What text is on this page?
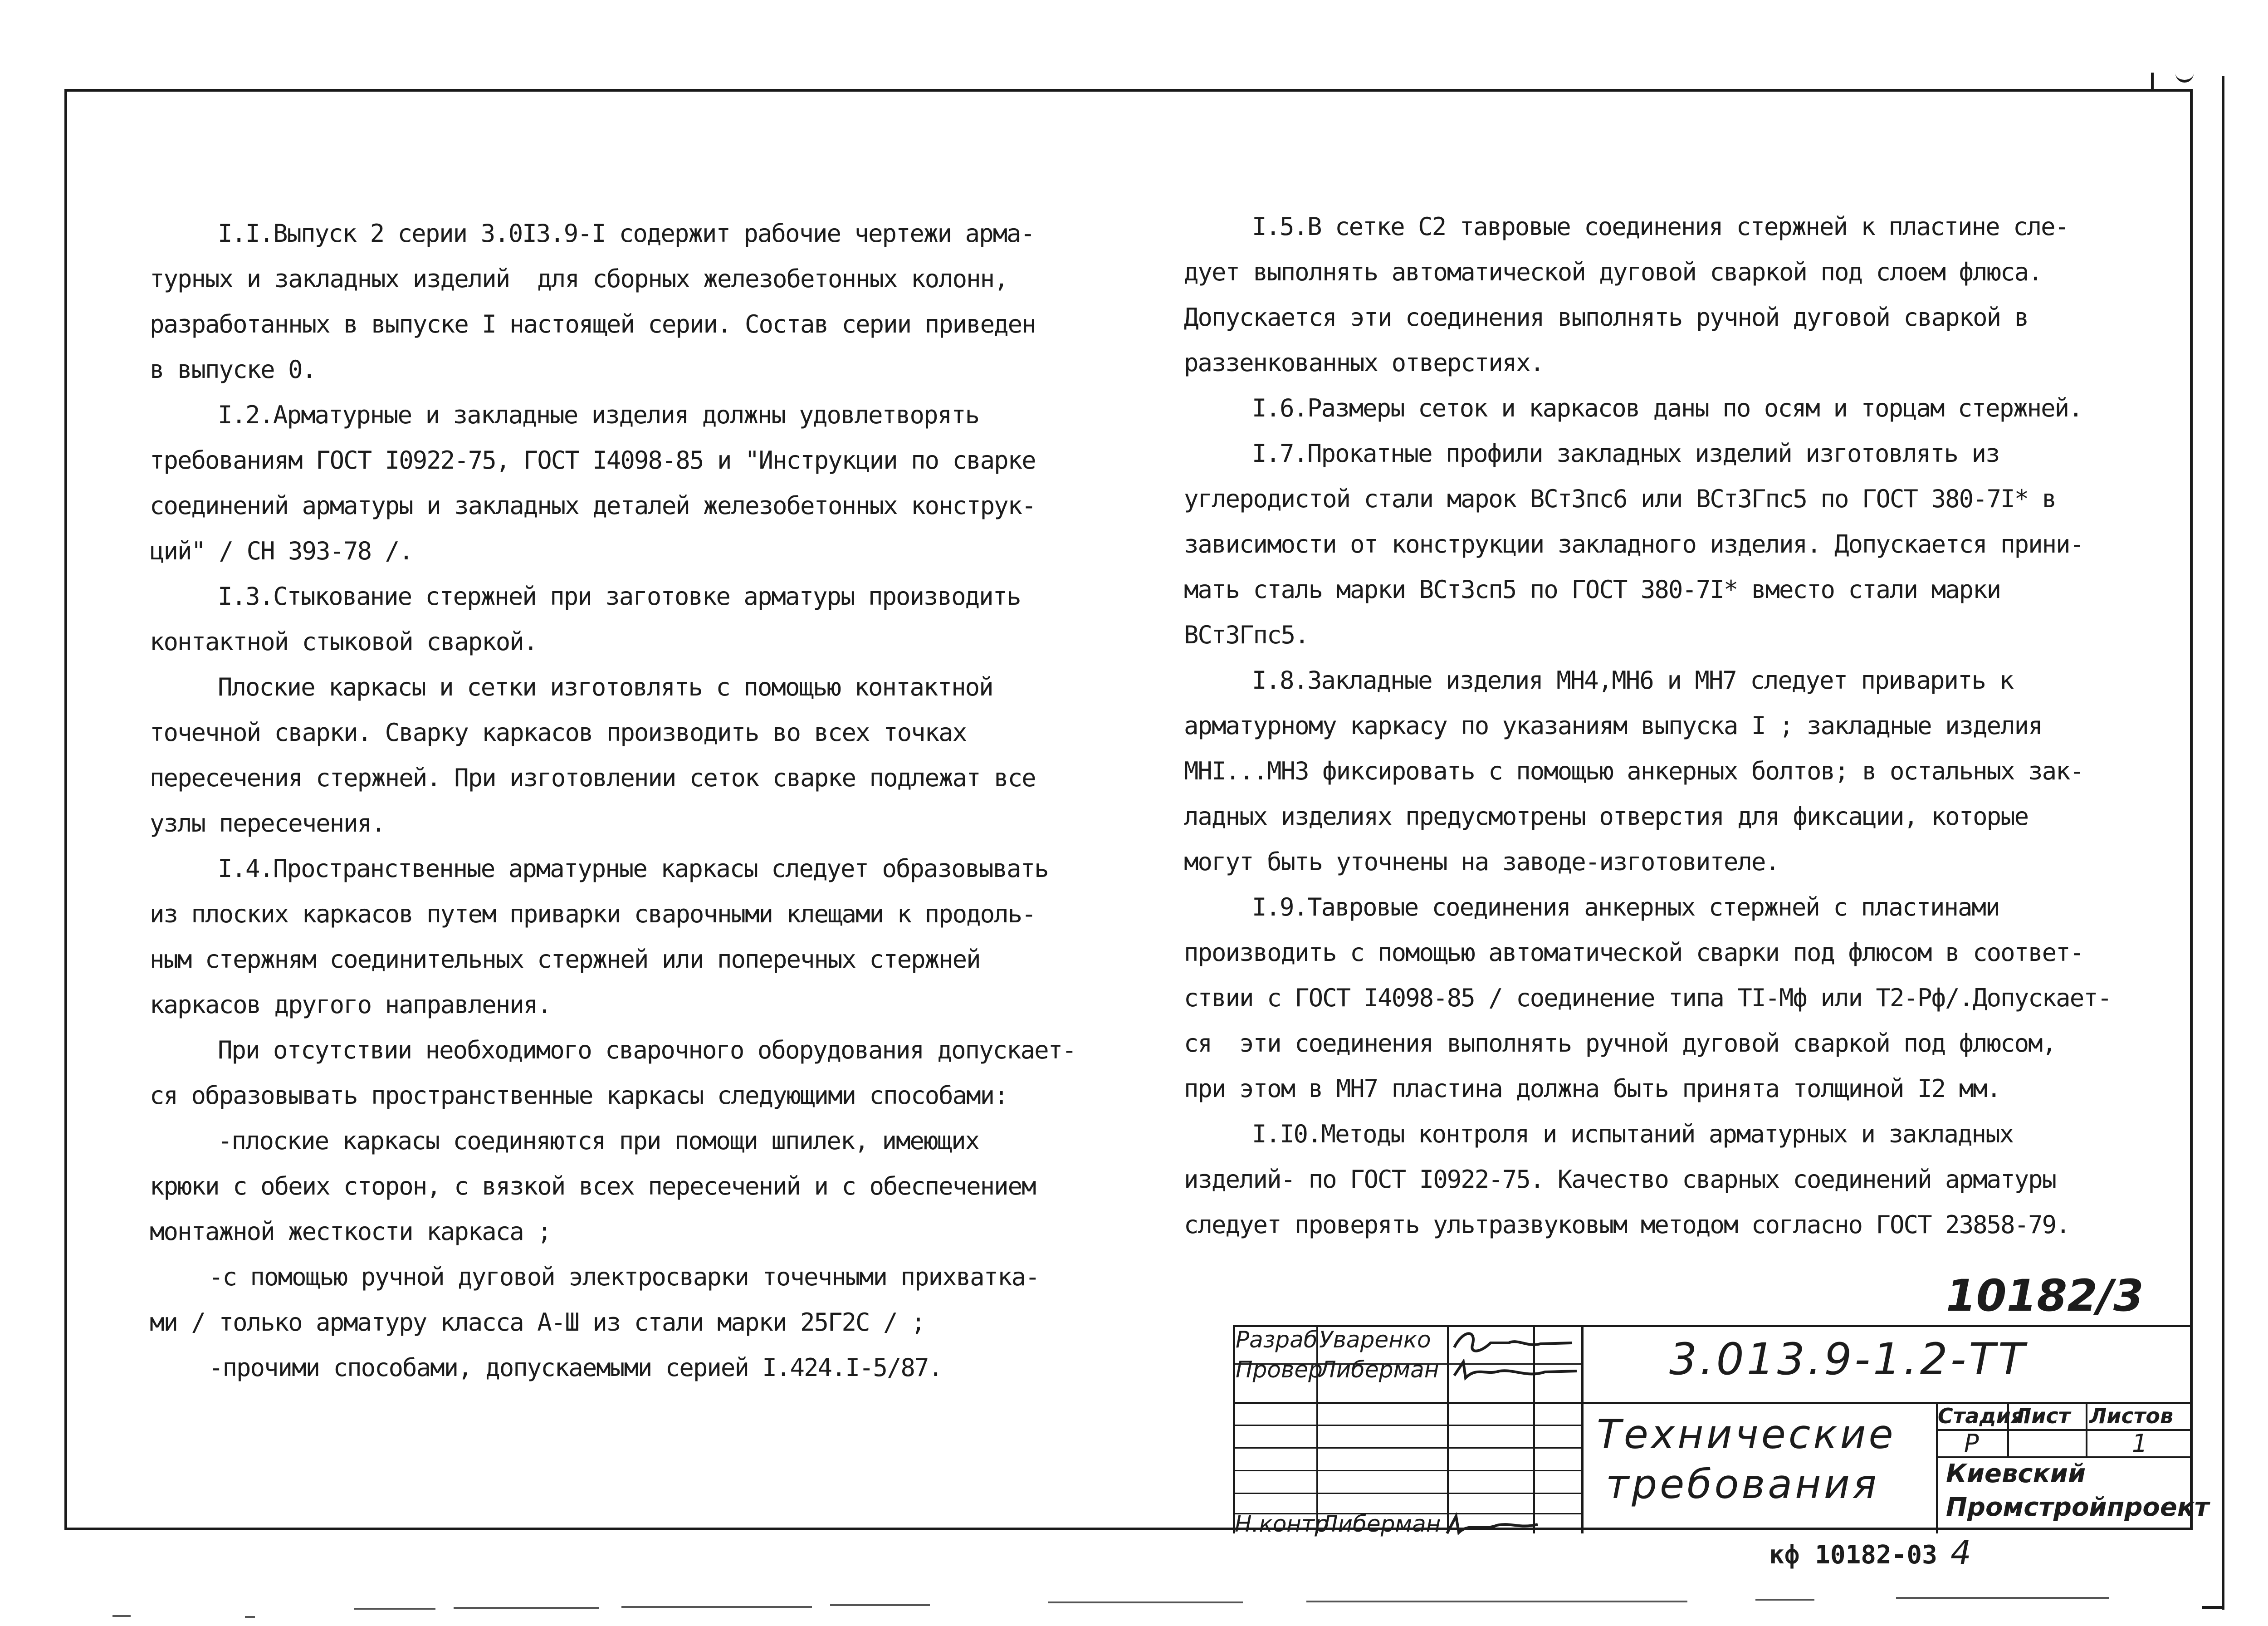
I.I.Выпуск 2 серии 3.0I3.9-I содержит рабочие чертежи арма-

турных и закладных изделий  для сборных железобетонных колонн,

разработанных в выпуске I настоящей серии. Состав серии приведен

в выпуске 0.

I.2.Арматурные и закладные изделия должны удовлетворять

требованиям ГОСТ I0922-75, ГОСТ I4098-85 и "Инструкции по сварке

соединений арматуры и закладных деталей железобетонных конструк-

ций" / СН 393-78 /.

I.3.Стыкование стержней при заготовке арматуры производить

контактной стыковой сваркой.

Плоские каркасы и сетки изготовлять с помощью контактной

точечной сварки. Сварку каркасов производить во всех точках

пересечения стержней. При изготовлении сеток сварке подлежат все

узлы пересечения.

I.4.Пространственные арматурные каркасы следует образовывать

из плоских каркасов путем приварки сварочными клещами к продоль-

ным стержням соединительных стержней или поперечных стержней

каркасов другого направления.

При отсутствии необходимого сварочного оборудования допускает-

ся образовывать пространственные каркасы следующими способами:

-плоские каркасы соединяются при помощи шпилек, имеющих

крюки с обеих сторон, с вязкой всех пересечений и с обеспечением

монтажной жесткости каркаса ;

-с помощью ручной дуговой электросварки точечными прихватка-

ми / только арматуру класса А-Ш из стали марки 25Г2С / ;

-прочими способами, допускаемыми серией I.424.I-5/87.

I.5.В сетке С2 тавровые соединения стержней к пластине сле-

дует выполнять автоматической дуговой сваркой под слоем флюса.

Допускается эти соединения выполнять ручной дуговой сваркой в

раззенкованных отверстиях.

I.6.Размеры сеток и каркасов даны по осям и торцам стержней.

I.7.Прокатные профили закладных изделий изготовлять из

углеродистой стали марок ВСт3пс6 или ВСт3Гпс5 по ГОСТ 380-7I* в

зависимости от конструкции закладного изделия. Допускается прини-

мать сталь марки ВСт3сп5 по ГОСТ 380-7I* вместо стали марки

ВСт3Гпс5.

I.8.Закладные изделия МН4,МН6 и МН7 следует приварить к

арматурному каркасу по указаниям выпуска I ; закладные изделия

МНI...МН3 фиксировать с помощью анкерных болтов; в остальных зак-

ладных изделиях предусмотрены отверстия для фиксации, которые

могут быть уточнены на заводе-изготовителе.

I.9.Тавровые соединения анкерных стержней с пластинами

производить с помощью автоматической сварки под флюсом в соответ-

ствии с ГОСТ I4098-85 / соединение типа ТI-Мф или Т2-Рф/.Допускает-

ся  эти соединения выполнять ручной дуговой сваркой под флюсом,

при этом в МН7 пластина должна быть принята толщиной I2 мм.

I.I0.Методы контроля и испытаний арматурных и закладных

изделий- по ГОСТ I0922-75. Качество сварных соединений арматуры

следует проверять ультразвуковым методом согласно ГОСТ 23858-79.

Разраб
Провер
Н.контр
Уваренко
Либерман
Либерман
10182/3
3.013.9-1.2-ТТ
Технические
требования
Стадия
Лист Листов
Р	1
Киевский
Промстройпроект
кф 10182-03 4
